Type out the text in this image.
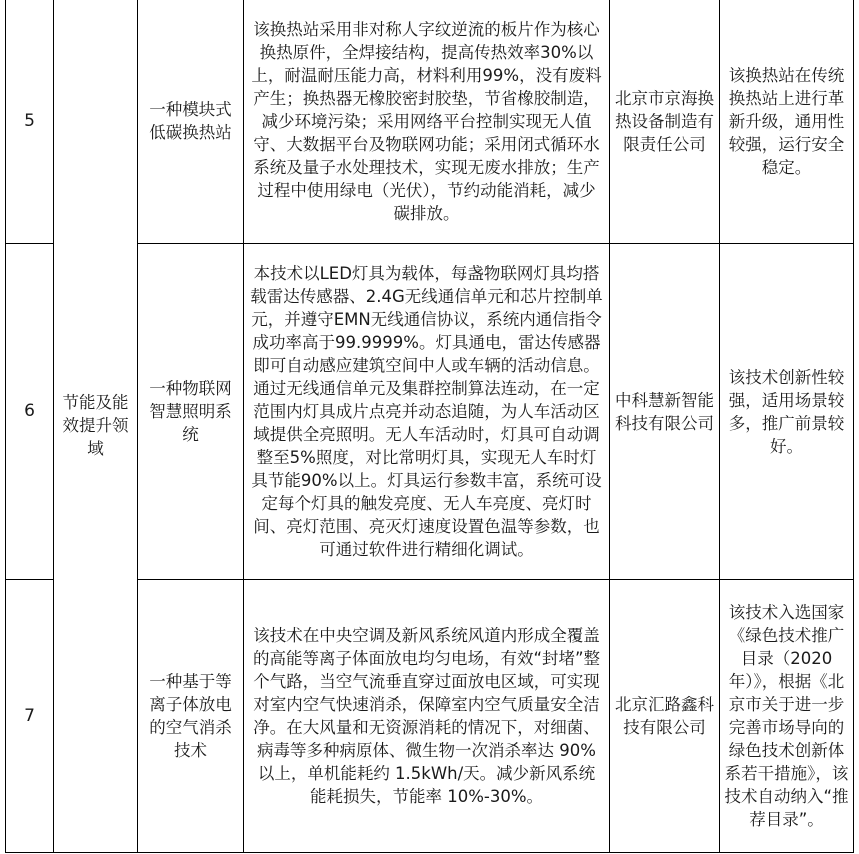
5	节能及能效提升领域	一种模块式低碳换热站	该换热站采用非对称人字纹逆流的板片作为核心换热原件，全焊接结构，提高传热效率30%以上，耐温耐压能力高，材料利用99%，没有废料产生；换热器无橡胶密封胶垫，节省橡胶制造，减少环境污染；采用网络平台控制实现无人值守、大数据平台及物联网功能；采用闭式循环水系统及量子水处理技术，实现无废水排放；生产过程中使用绿电（光伏），节约动能消耗，减少碳排放。	北京市京海换热设备制造有限责任公司	该换热站在传统换热站上进行革新升级，通用性较强，运行安全稳定。
6		一种物联网智慧照明系统	本技术以LED灯具为载体，每盏物联网灯具均搭载雷达传感器、2.4G无线通信单元和芯片控制单元，并遵守EMN无线通信协议，系统内通信指令成功率高于99.9999%。灯具通电，雷达传感器即可自动感应建筑空间中人或车辆的活动信息。通过无线通信单元及集群控制算法连动，在一定范围内灯具成片点亮并动态追随，为人车活动区域提供全亮照明。无人车活动时，灯具可自动调整至5%照度，对比常明灯具，实现无人车时灯具节能90%以上。灯具运行参数丰富，系统可设定每个灯具的触发亮度、无人车亮度、亮灯时间、亮灯范围、亮灭灯速度设置色温等参数，也可通过软件进行精细化调试。	中科慧新智能科技有限公司	该技术创新性较强，适用场景较多，推广前景较好。
7		一种基于等离子体放电的空气消杀技术	该技术在中央空调及新风系统风道内形成全覆盖的高能等离子体面放电均匀电场，有效“封堵”整个气路，当空气流垂直穿过面放电区域，可实现对室内空气快速消杀，保障室内空气质量安全洁净。在大风量和无资源消耗的情况下，对细菌、病毒等多种病原体、微生物一次消杀率达 90%以上，单机能耗约 1.5kWh/天。减少新风系统能耗损失，节能率 10%-30%。	北京汇路鑫科技有限公司	该技术入选国家《绿色技术推广目录（2020年）》，根据《北京市关于进一步完善市场导向的绿色技术创新体系若干措施》，该技术自动纳入“推荐目录”。
